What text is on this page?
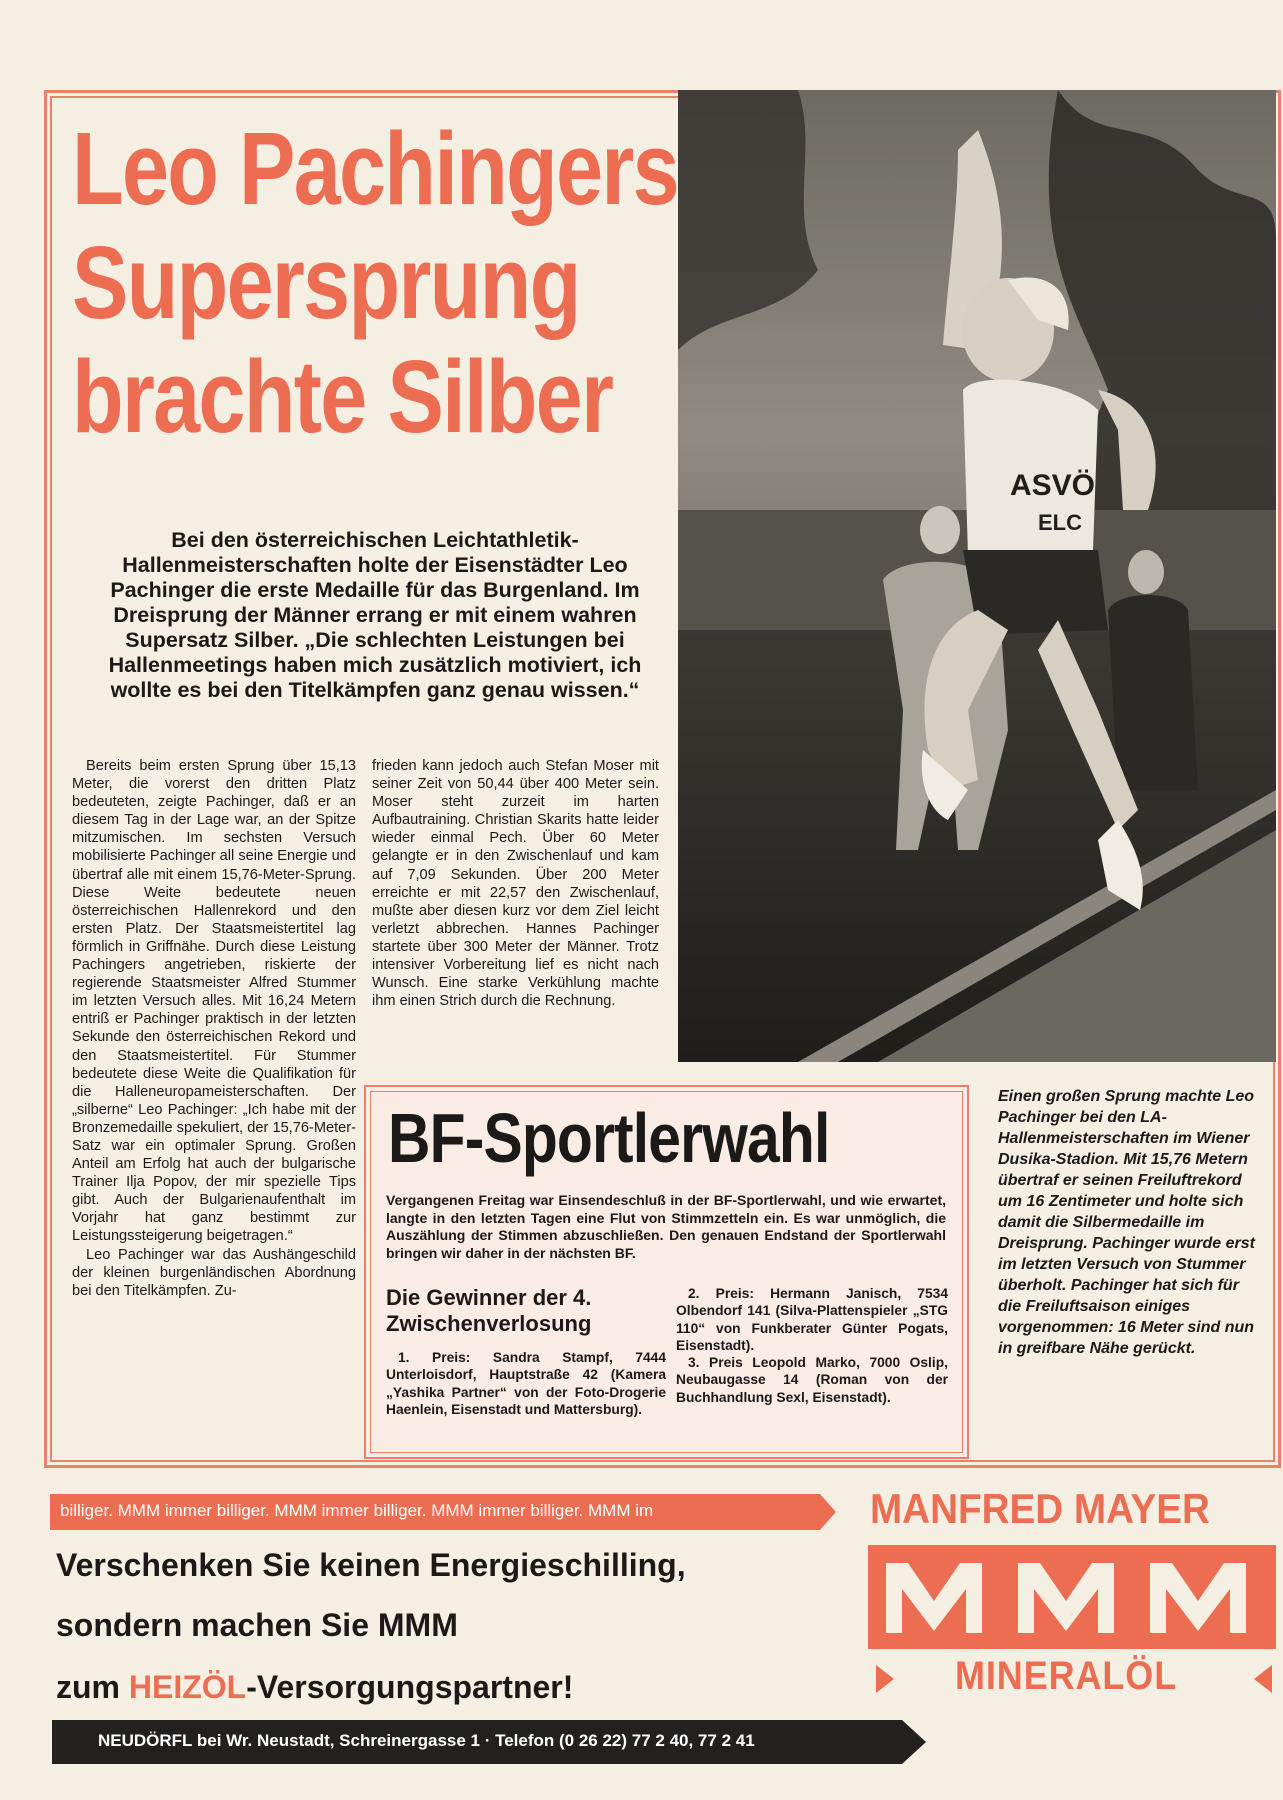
ASVÖ
ELC
Leo Pachingers
Supersprung
brachte Silber
Bei den österreichischen Leichtathletik-Hallenmeisterschaften holte der Eisenstädter Leo Pachinger die erste Medaille für das Burgenland. Im Dreisprung der Männer errang er mit einem wahren Supersatz Silber. „Die schlechten Leistungen bei Hallenmeetings haben mich zusätzlich motiviert, ich wollte es bei den Titelkämpfen ganz genau wissen.“

Bereits beim ersten Sprung über 15,13 Meter, die vorerst den dritten Platz bedeuteten, zeigte Pachinger, daß er an diesem Tag in der Lage war, an der Spitze mitzumischen. Im sechsten Versuch mobilisierte Pachinger all seine Energie und übertraf alle mit einem 15,76-Meter-Sprung. Diese Weite bedeutete neuen österreichischen Hallenrekord und den ersten Platz. Der Staatsmeistertitel lag förmlich in Griffnähe. Durch diese Leistung Pachingers angetrieben, riskierte der regierende Staatsmeister Alfred Stummer im letzten Versuch alles. Mit 16,24 Metern entriß er Pachinger praktisch in der letzten Sekunde den österreichischen Rekord und den Staatsmeistertitel. Für Stummer bedeutete diese Weite die Qualifikation für die Halleneuropameisterschaften. Der „silberne“ Leo Pachinger: „Ich habe mit der Bronzemedaille spekuliert, der 15,76-Meter-Satz war ein optimaler Sprung. Großen Anteil am Erfolg hat auch der bulgarische Trainer Ilja Popov, der mir spezielle Tips gibt. Auch der Bulgarienaufenthalt im Vorjahr hat ganz bestimmt zur Leistungssteigerung beigetragen.“

Leo Pachinger war das Aushängeschild der kleinen burgenländischen Abordnung bei den Titelkämpfen. Zu-

frieden kann jedoch auch Stefan Moser mit seiner Zeit von 50,44 über 400 Meter sein. Moser steht zurzeit im harten Aufbautraining. Christian Skarits hatte leider wieder einmal Pech. Über 60 Meter gelangte er in den Zwischenlauf und kam auf 7,09 Sekunden. Über 200 Meter erreichte er mit 22,57 den Zwischenlauf, mußte aber diesen kurz vor dem Ziel leicht verletzt abbrechen. Hannes Pachinger startete über 300 Meter der Männer. Trotz intensiver Vorbereitung lief es nicht nach Wunsch. Eine starke Verkühlung machte ihm einen Strich durch die Rechnung.

Einen großen Sprung machte Leo Pachinger bei den LA-Hallenmeisterschaften im Wiener Dusika-Stadion. Mit 15,76 Metern übertraf er seinen Freiluftrekord um 16 Zentimeter und holte sich damit die Silbermedaille im Dreisprung. Pachinger wurde erst im letzten Versuch von Stummer überholt. Pachinger hat sich für die Freiluftsaison einiges vorgenommen: 16 Meter sind nun in greifbare Nähe gerückt.
BF-Sportlerwahl
Vergangenen Freitag war Einsendeschluß in der BF-Sportlerwahl, und wie erwartet, langte in den letzten Tagen eine Flut von Stimmzetteln ein. Es war unmöglich, die Auszählung der Stimmen abzuschließen. Den genauen Endstand der Sportlerwahl bringen wir daher in der nächsten BF.
Die Gewinner der 4. Zwischenverlosung

1. Preis: Sandra Stampf, 7444 Unterloisdorf, Hauptstraße 42 (Kamera „Yashika Partner“ von der Foto-Drogerie Haenlein, Eisenstadt und Mattersburg).

2. Preis: Hermann Janisch, 7534 Olbendorf 141 (Silva-Plattenspieler „STG 110“ von Funkberater Günter Pogats, Eisenstadt).

3. Preis Leopold Marko, 7000 Oslip, Neubaugasse 14 (Roman von der Buchhandlung Sexl, Eisenstadt).

billiger. MMM immer billiger. MMM immer billiger. MMM immer billiger. MMM im
Verschenken Sie keinen Energieschilling,
sondern machen Sie MMM
zum HEIZÖL-Versorgungspartner!
NEUDÖRFL bei Wr. Neustadt, Schreinergasse 1 · Telefon (0 26 22) 77 2 40, 77 2 41
MANFRED MAYER
MMM
MINERALÖL
